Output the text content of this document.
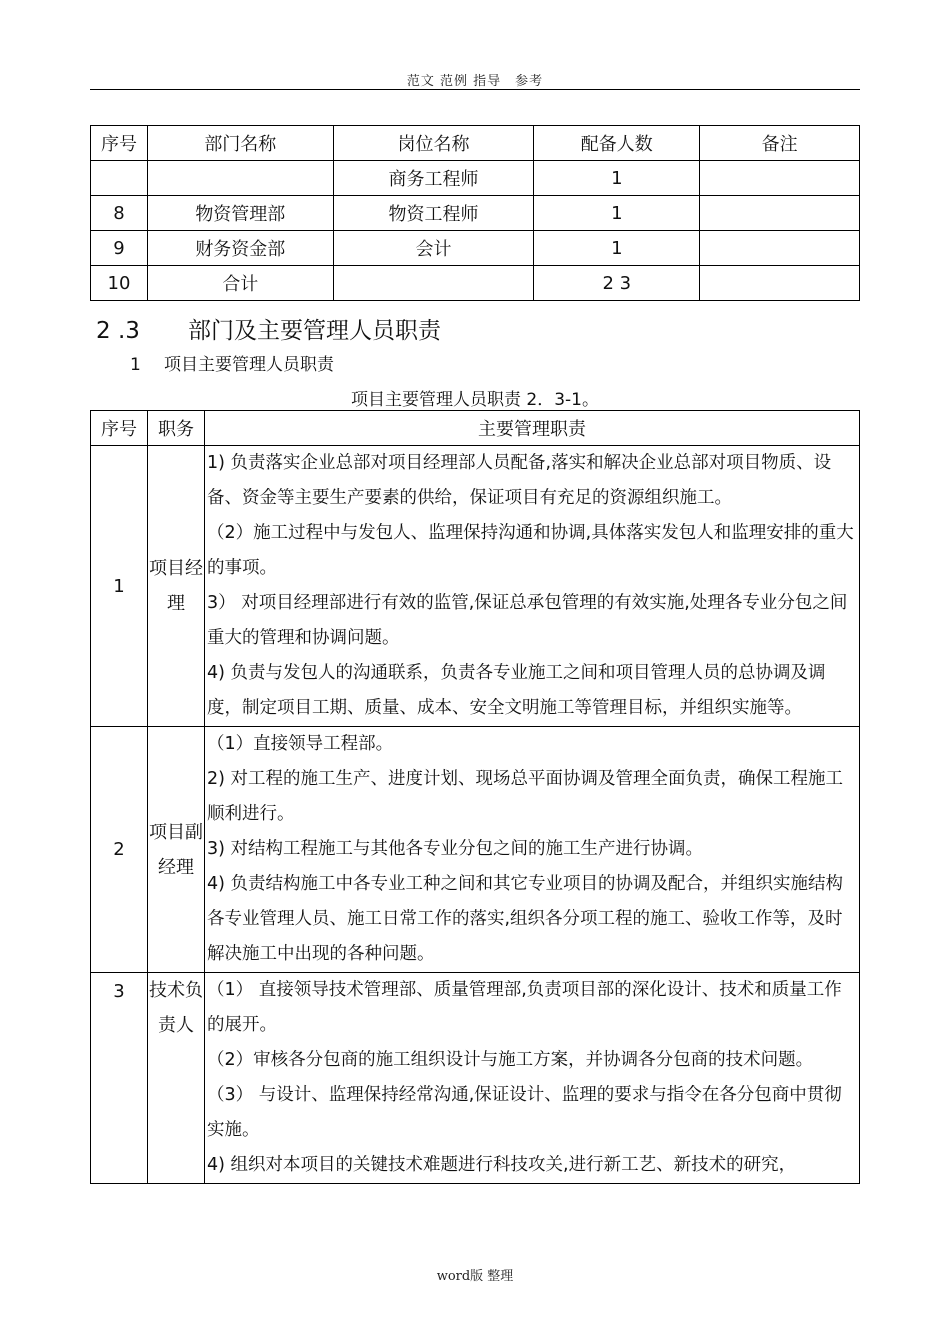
范文 范例 指导　参考
序号	部门名称	岗位名称	配备人数	备注
		商务工程师	1	
8	物资管理部	物资工程师	1	
9	财务资金部	会计	1	
10	合计		2 3	
2 .3 部门及主要管理人员职责
1 项目主要管理人员职责
项目主要管理人员职责 2．3-1。
序号	职务	主要管理职责
1	项目经理	1) 负责落实企业总部对项目经理部人员配备,落实和解决企业总部对项目物质、设备、资金等主要生产要素的供给，保证项目有充足的资源组织施工。
（2）施工过程中与发包人、监理保持沟通和协调,具体落实发包人和监理安排的重大的事项。
3） 对项目经理部进行有效的监管,保证总承包管理的有效实施,处理各专业分包之间重大的管理和协调问题。
4) 负责与发包人的沟通联系，负责各专业施工之间和项目管理人员的总协调及调度，制定项目工期、质量、成本、安全文明施工等管理目标，并组织实施等。

2	项目副经理	（1）直接领导工程部。
2) 对工程的施工生产、进度计划、现场总平面协调及管理全面负责，确保工程施工顺利进行。
3) 对结构工程施工与其他各专业分包之间的施工生产进行协调。
4) 负责结构施工中各专业工种之间和其它专业项目的协调及配合，并组织实施结构各专业管理人员、施工日常工作的落实,组织各分项工程的施工、验收工作等，及时解决施工中出现的各种问题。

3	技术负责人	（1） 直接领导技术管理部、质量管理部,负责项目部的深化设计、技术和质量工作的展开。
（2）审核各分包商的施工组织设计与施工方案，并协调各分包商的技术问题。
（3） 与设计、监理保持经常沟通,保证设计、监理的要求与指令在各分包商中贯彻实施。
4) 组织对本项目的关键技术难题进行科技攻关,进行新工艺、新技术的研究，
word版 整理
